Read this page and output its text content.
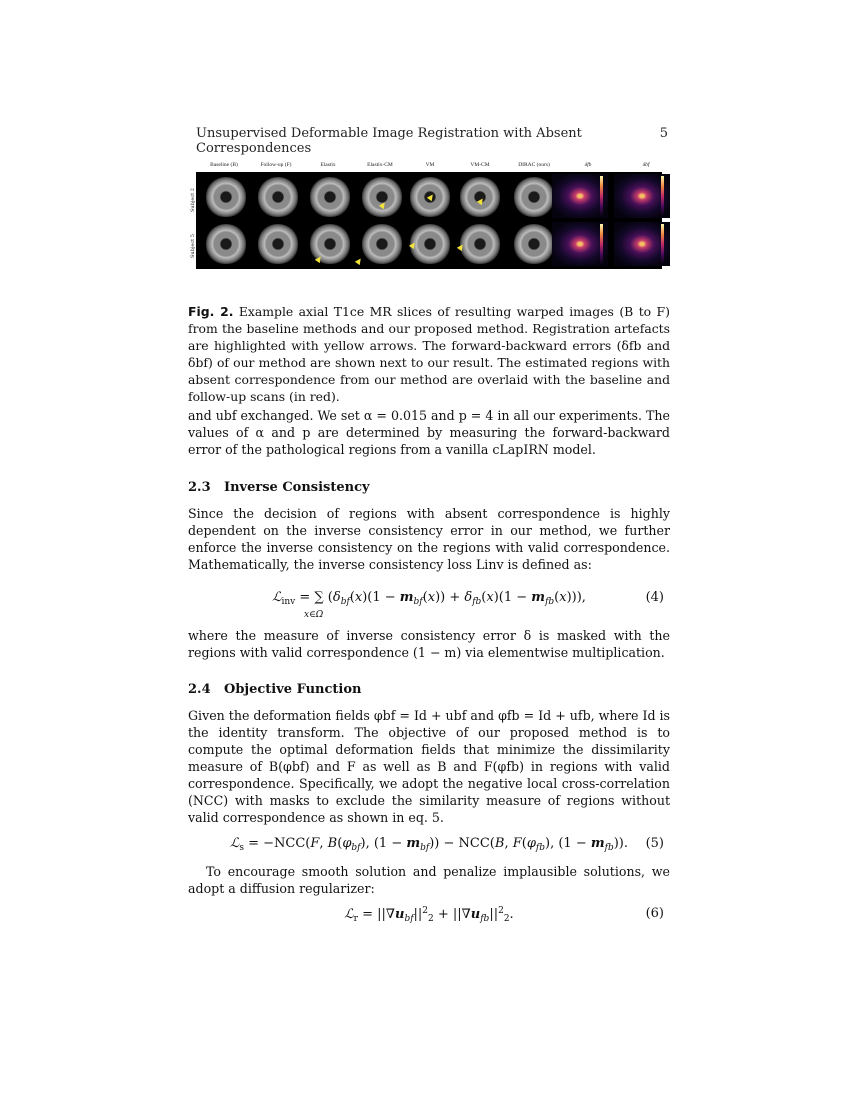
Unsupervised Deformable Image Registration with Absent Correspondences
5
Baseline (B)	Follow-up (F)	Elastix	Elastix-CM	VM	VM-CM	DIRAC (ours)	δfb	δbf
Subject 2
Subject 5
Fig. 2. Example axial T1ce MR slices of resulting warped images (B to F) from the baseline methods and our proposed method. Registration artefacts are highlighted with yellow arrows. The forward-backward errors (δfb and δbf) of our method are shown next to our result. The estimated regions with absent correspondence from our method are overlaid with the baseline and follow-up scans (in red).
and ubf exchanged. We set α = 0.015 and p = 4 in all our experiments. The values of α and p are determined by measuring the forward-backward error of the pathological regions from a vanilla cLapIRN model.
2.3 Inverse Consistency
Since the decision of regions with absent correspondence is highly dependent on the inverse consistency error in our method, we further enforce the inverse consistency on the regions with valid correspondence. Mathematically, the inverse consistency loss Linv is defined as:
ℒ$_{inv}$ = ∑ $(\delta_{bf}(x)(1 - m_{bf}(x)) + \delta_{fb}(x)(1 - m_{fb}(x)))$,
x∈Ω
(4)
where the measure of inverse consistency error δ is masked with the regions with valid correspondence (1 − m) via elementwise multiplication.
2.4 Objective Function
Given the deformation fields φbf = Id + ubf and φfb = Id + ufb, where Id is the identity transform. The objective of our proposed method is to compute the optimal deformation fields that minimize the dissimilarity measure of B(φbf) and F as well as B and F(φfb) in regions with valid correspondence. Specifically, we adopt the negative local cross-correlation (NCC) with masks to exclude the similarity measure of regions without valid correspondence as shown in eq. 5.
ℒ$_s$ = −NCC(F, $B(\varphi_{bf})$, $(1 - m_{bf})) - NCC(B$, $F(\varphi_{fb})$, $(1 - m_{fb})$).	(5)
To encourage smooth solution and penalize implausible solutions, we adopt a diffusion regularizer:
ℒ$_r$ = $||\nabla u_{bf}||^2_2 + ||\nabla u_{fb}||^2_2$.	(6)
